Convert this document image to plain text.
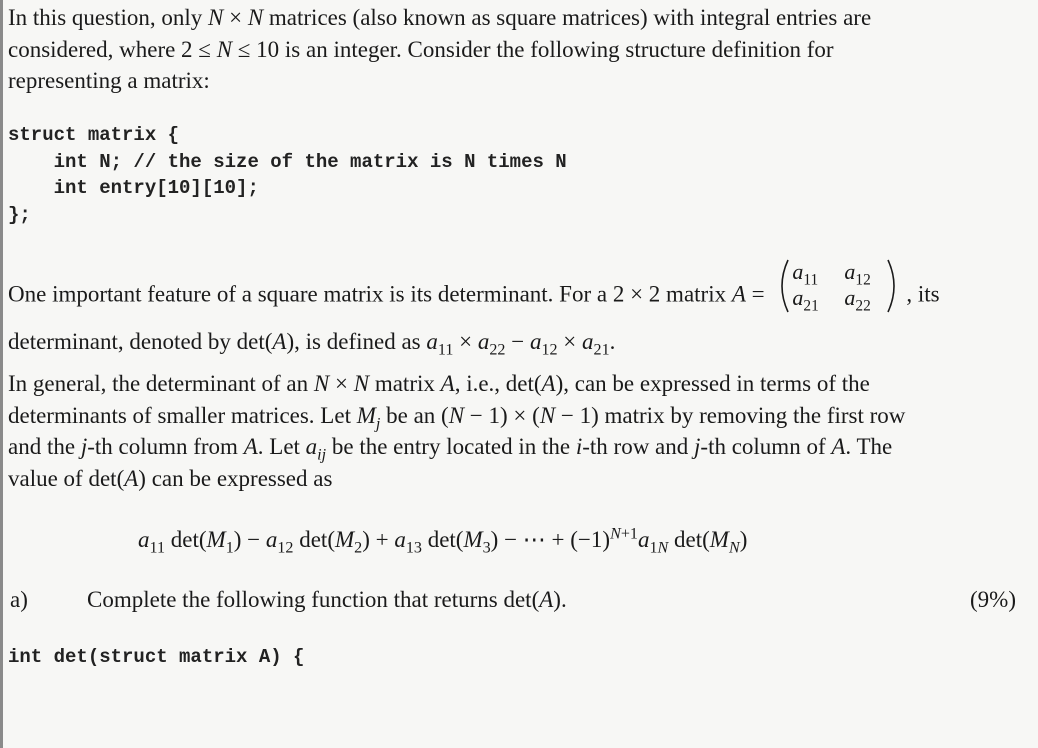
In this question, only N × N matrices (also known as square matrices) with integral entries are
considered, where 2 ≤ N ≤ 10 is an integer. Consider the following structure definition for
representing a matrix:
struct matrix {
int N; // the size of the matrix is N times N
int entry[10][10];
};
One important feature of a square matrix is its determinant. For a 2 × 2 matrix A =
$a_{11}$ $a_{12}$
$a_{21}$ $a_{22}$ , its
determinant, denoted by det(A), is defined as $a_{11} \times a_{22} - a_{12} \times a_{21}$.
In general, the determinant of an N × N matrix A, i.e., det(A), can be expressed in terms of the
determinants of smaller matrices. Let $M_j$ be an (N − 1) × (N − 1) matrix by removing the first row
and the j-th column from A. Let $a_{ij}$ be the entry located in the i-th row and j-th column of A. The
value of det(A) can be expressed as
$a_{11}$ $\det(M_1) - a_{12}$ $\det(M_2) + a_{13}$ $\det(M_3)$ − ⋯ + $(-1)^{N+1}a_{1N}$ $\det(M_N)$
a)	Complete the following function that returns det(A).	(9%)
int det(struct matrix A) {
